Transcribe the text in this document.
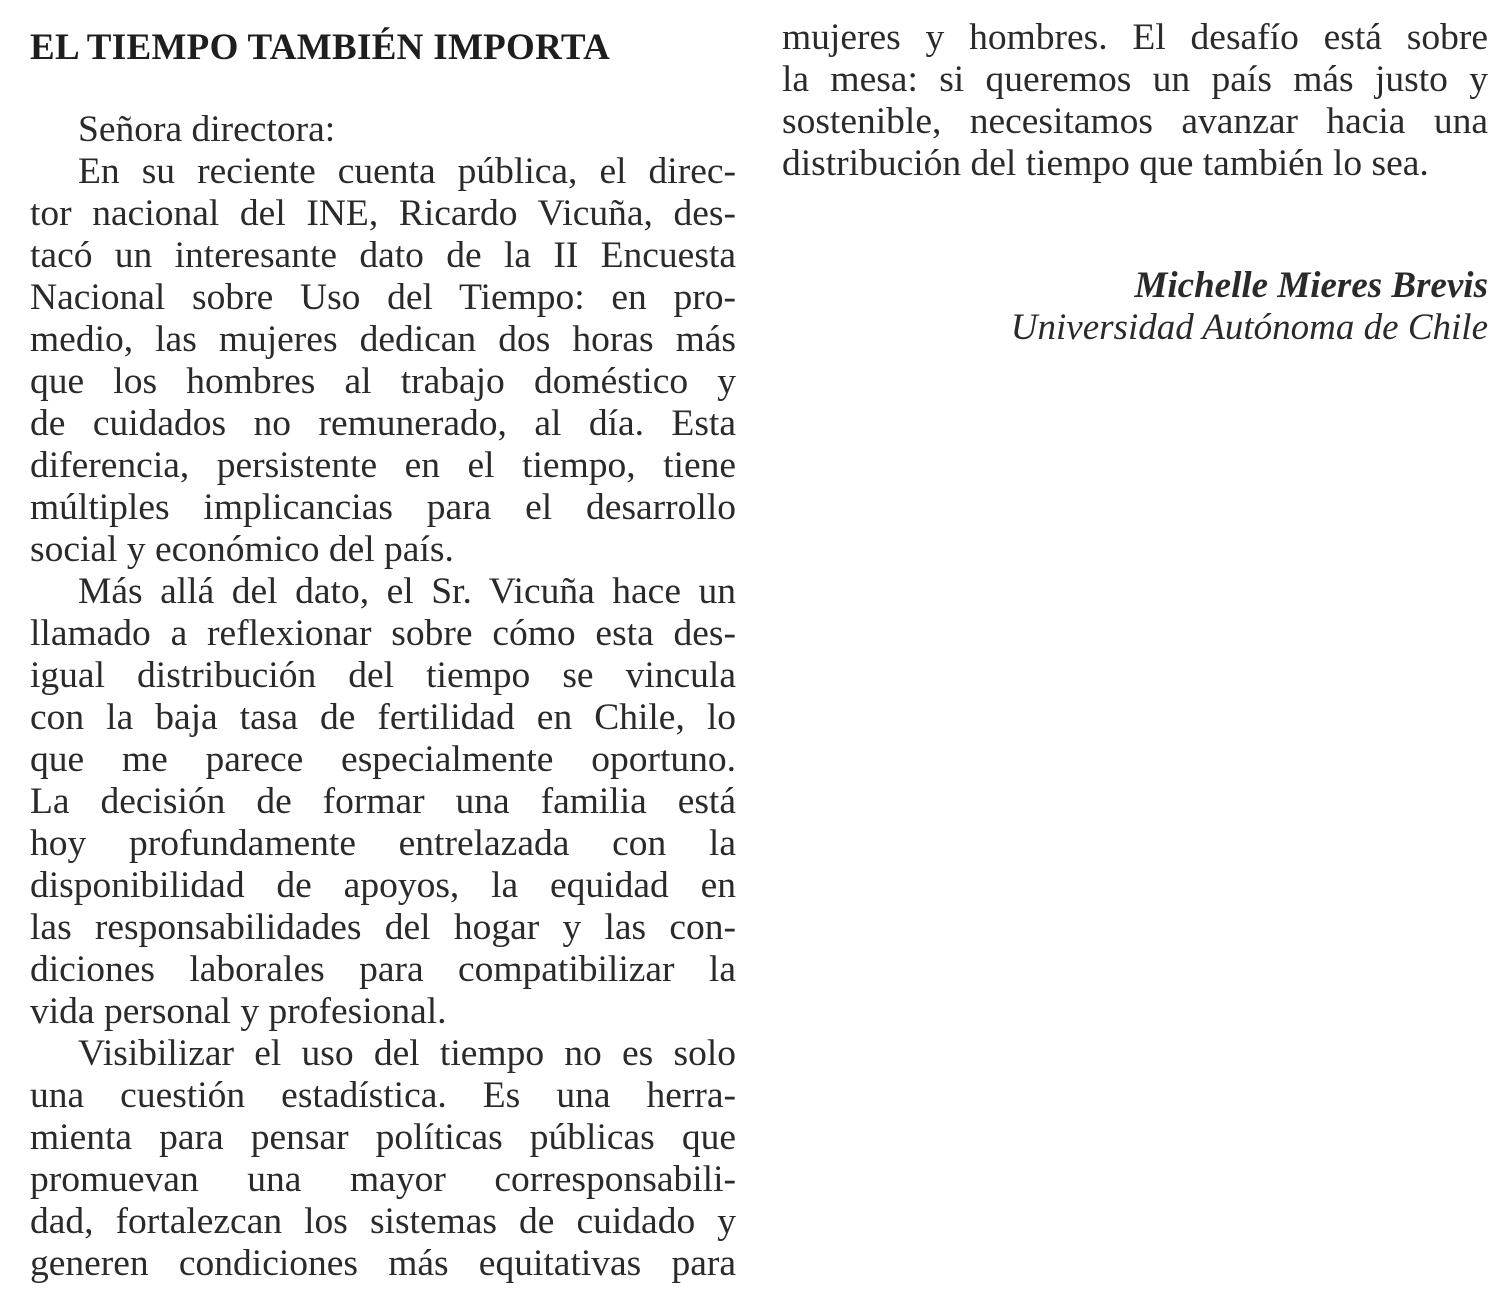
EL TIEMPO TAMBIÉN IMPORTA
Señora directora:
En su reciente cuenta pública, el direc-
tor nacional del INE, Ricardo Vicuña, des-
tacó un interesante dato de la II Encuesta
Nacional sobre Uso del Tiempo: en pro-
medio, las mujeres dedican dos horas más
que los hombres al trabajo doméstico y
de cuidados no remunerado, al día. Esta
diferencia, persistente en el tiempo, tiene
múltiples implicancias para el desarrollo
social y económico del país.
Más allá del dato, el Sr. Vicuña hace un
llamado a reflexionar sobre cómo esta des-
igual distribución del tiempo se vincula
con la baja tasa de fertilidad en Chile, lo
que me parece especialmente oportuno.
La decisión de formar una familia está
hoy profundamente entrelazada con la
disponibilidad de apoyos, la equidad en
las responsabilidades del hogar y las con-
diciones laborales para compatibilizar la
vida personal y profesional.
Visibilizar el uso del tiempo no es solo
una cuestión estadística. Es una herra-
mienta para pensar políticas públicas que
promuevan una mayor corresponsabili-
dad, fortalezcan los sistemas de cuidado y
generen condiciones más equitativas para
mujeres y hombres. El desafío está sobre
la mesa: si queremos un país más justo y
sostenible, necesitamos avanzar hacia una
distribución del tiempo que también lo sea.
Michelle Mieres Brevis
Universidad Autónoma de Chile
